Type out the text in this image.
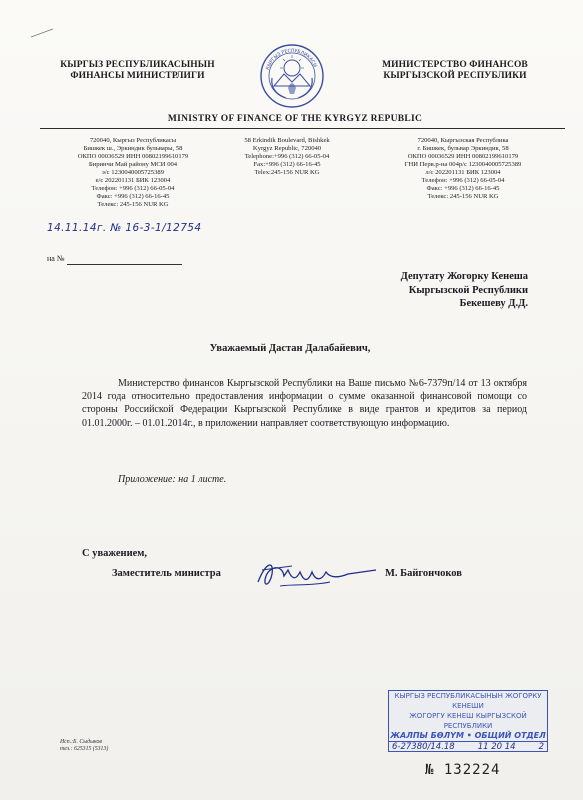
КЫРГЫЗ РЕСПУБЛИКАСЫНЫН
ФИНАНСЫ МИНИСТРЛИГИ
КЫРГЫЗ РЕСПУБЛИКАСЫ	МИНИСТЕРСТВО ФИНАНСОВ
КЫРГЫЗСКОЙ РЕСПУБЛИКИ
MINISTRY OF FINANCE OF THE KYRGYZ REPUBLIC
720040, Кыргыз Республикасы
Бишкек ш., Эркиндик бульвары, 58
ОКПО 00036529 ИНН 00802199610179
Биринчи Май району МСИ 004
э/с 1230040005725389
е/с 202201131 БИК 123004
Телефон: +996 (312) 66-05-04
Факс: +996 (312) 66-16-45
Телекс: 245-156 NUR KG
58 Erkindik Boulevard, Bishkek
Kyrgyz Republic, 720040
Telephone:+996 (312) 66-05-04
Fax:+996 (312) 66-16-45
Telex:245-156 NUR KG
720040, Кыргызская Республика
г. Бишкек, бульвар Эркиндик, 58
ОКПО 00036529 ИНН 00802199610179
ГНИ Перв.р-на 004р/с 1230040005725389
л/с 202201131 БИК 123004
Телефон: +996 (312) 66-05-04
Факс: +996 (312) 66-16-45
Телекс: 245-156 NUR KG
14.11.14г. № 16-3-1/12754
на №
Депутату Жогорку Кенеша
Кыргызской Республики
Бекешеву Д.Д.
Уважаемый Дастан Далабайевич,
Министерство финансов Кыргызской Республики на Ваше письмо №6-7379п/14 от 13 октября 2014 года относительно предоставления информации о сумме оказанной финансовой помощи со стороны Российской Федерации Кыргызской Республике в виде грантов и кредитов за период 01.01.2000г. – 01.01.2014г., в приложении направляет соответствующую информацию.
Приложение: на 1 листе.
С уважением,
Заместитель министра	М. Байгончоков
КЫРГЫЗ РЕСПУБЛИКАСЫНЫН ЖОГОРКУ КЕНЕШИ
ЖОГОРГУ КЕНЕШ КЫРГЫЗСКОЙ РЕСПУБЛИКИ
ЖАЛПЫ БӨЛҮМ • ОБЩИЙ ОТДЕЛ
6-27380/14.18	11 20 14	2
Исп.:Б. Сыдыков
тел.: 625315 (5313)
№ 132224
